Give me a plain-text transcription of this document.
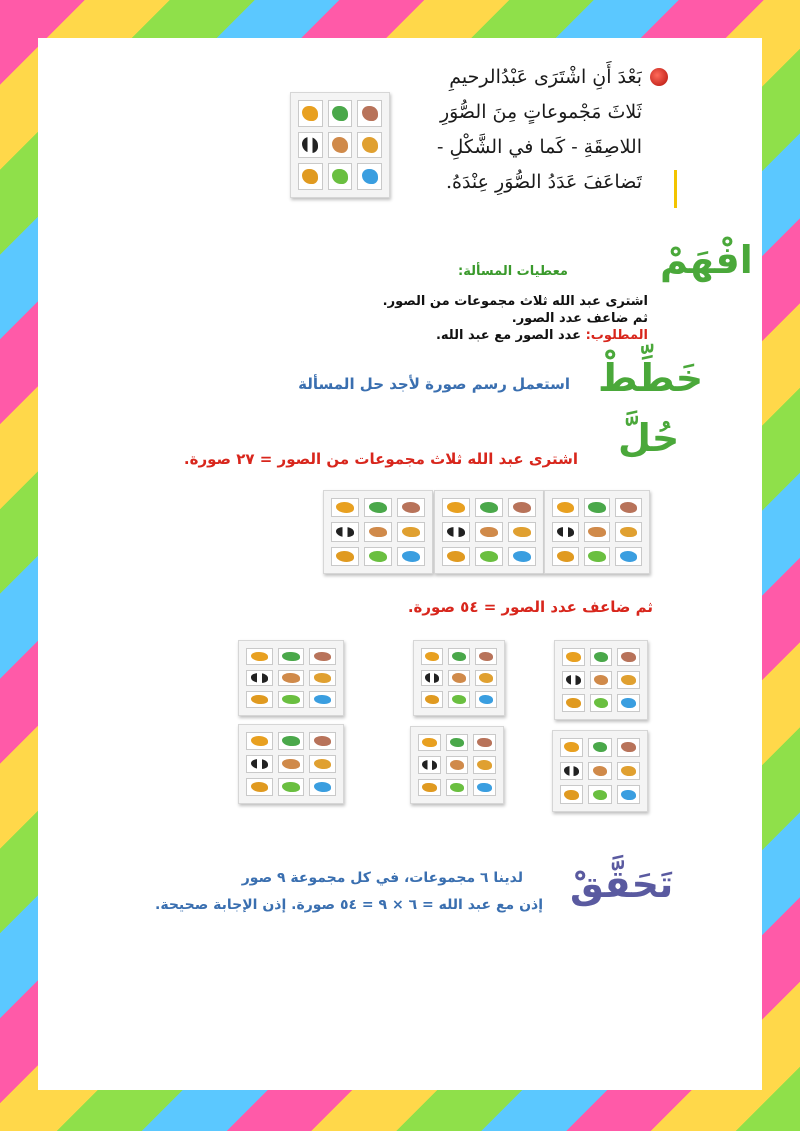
بَعْدَ أَنِ اشْتَرَى عَبْدُالرحيمِ
ثَلاثَ مَجْموعاتٍ مِنَ الصُّوَرِ
اللاصِقَةِ - كَما في الشَّكْلِ -
تَضاعَفَ عَدَدُ الصُّوَرِ عِنْدَهُ.
افْهَمْ
معطيات المسألة:
اشترى عبد الله ثلاث مجموعات من الصور.
ثم ضاعف عدد الصور.
المطلوب: عدد الصور مع عبد الله.
خَطِّطْ
استعمل رسم صورة لأجد حل المسألة
حُلَّ
اشترى عبد الله ثلاث مجموعات من الصور = ٢٧ صورة.
ثم ضاعف عدد الصور = ٥٤ صورة.
تَحَقَّقْ
لدينا ٦ مجموعات، في كل مجموعة ٩ صور
إذن مع عبد الله = ٦ × ٩ = ٥٤ صورة. إذن الإجابة صحيحة.
